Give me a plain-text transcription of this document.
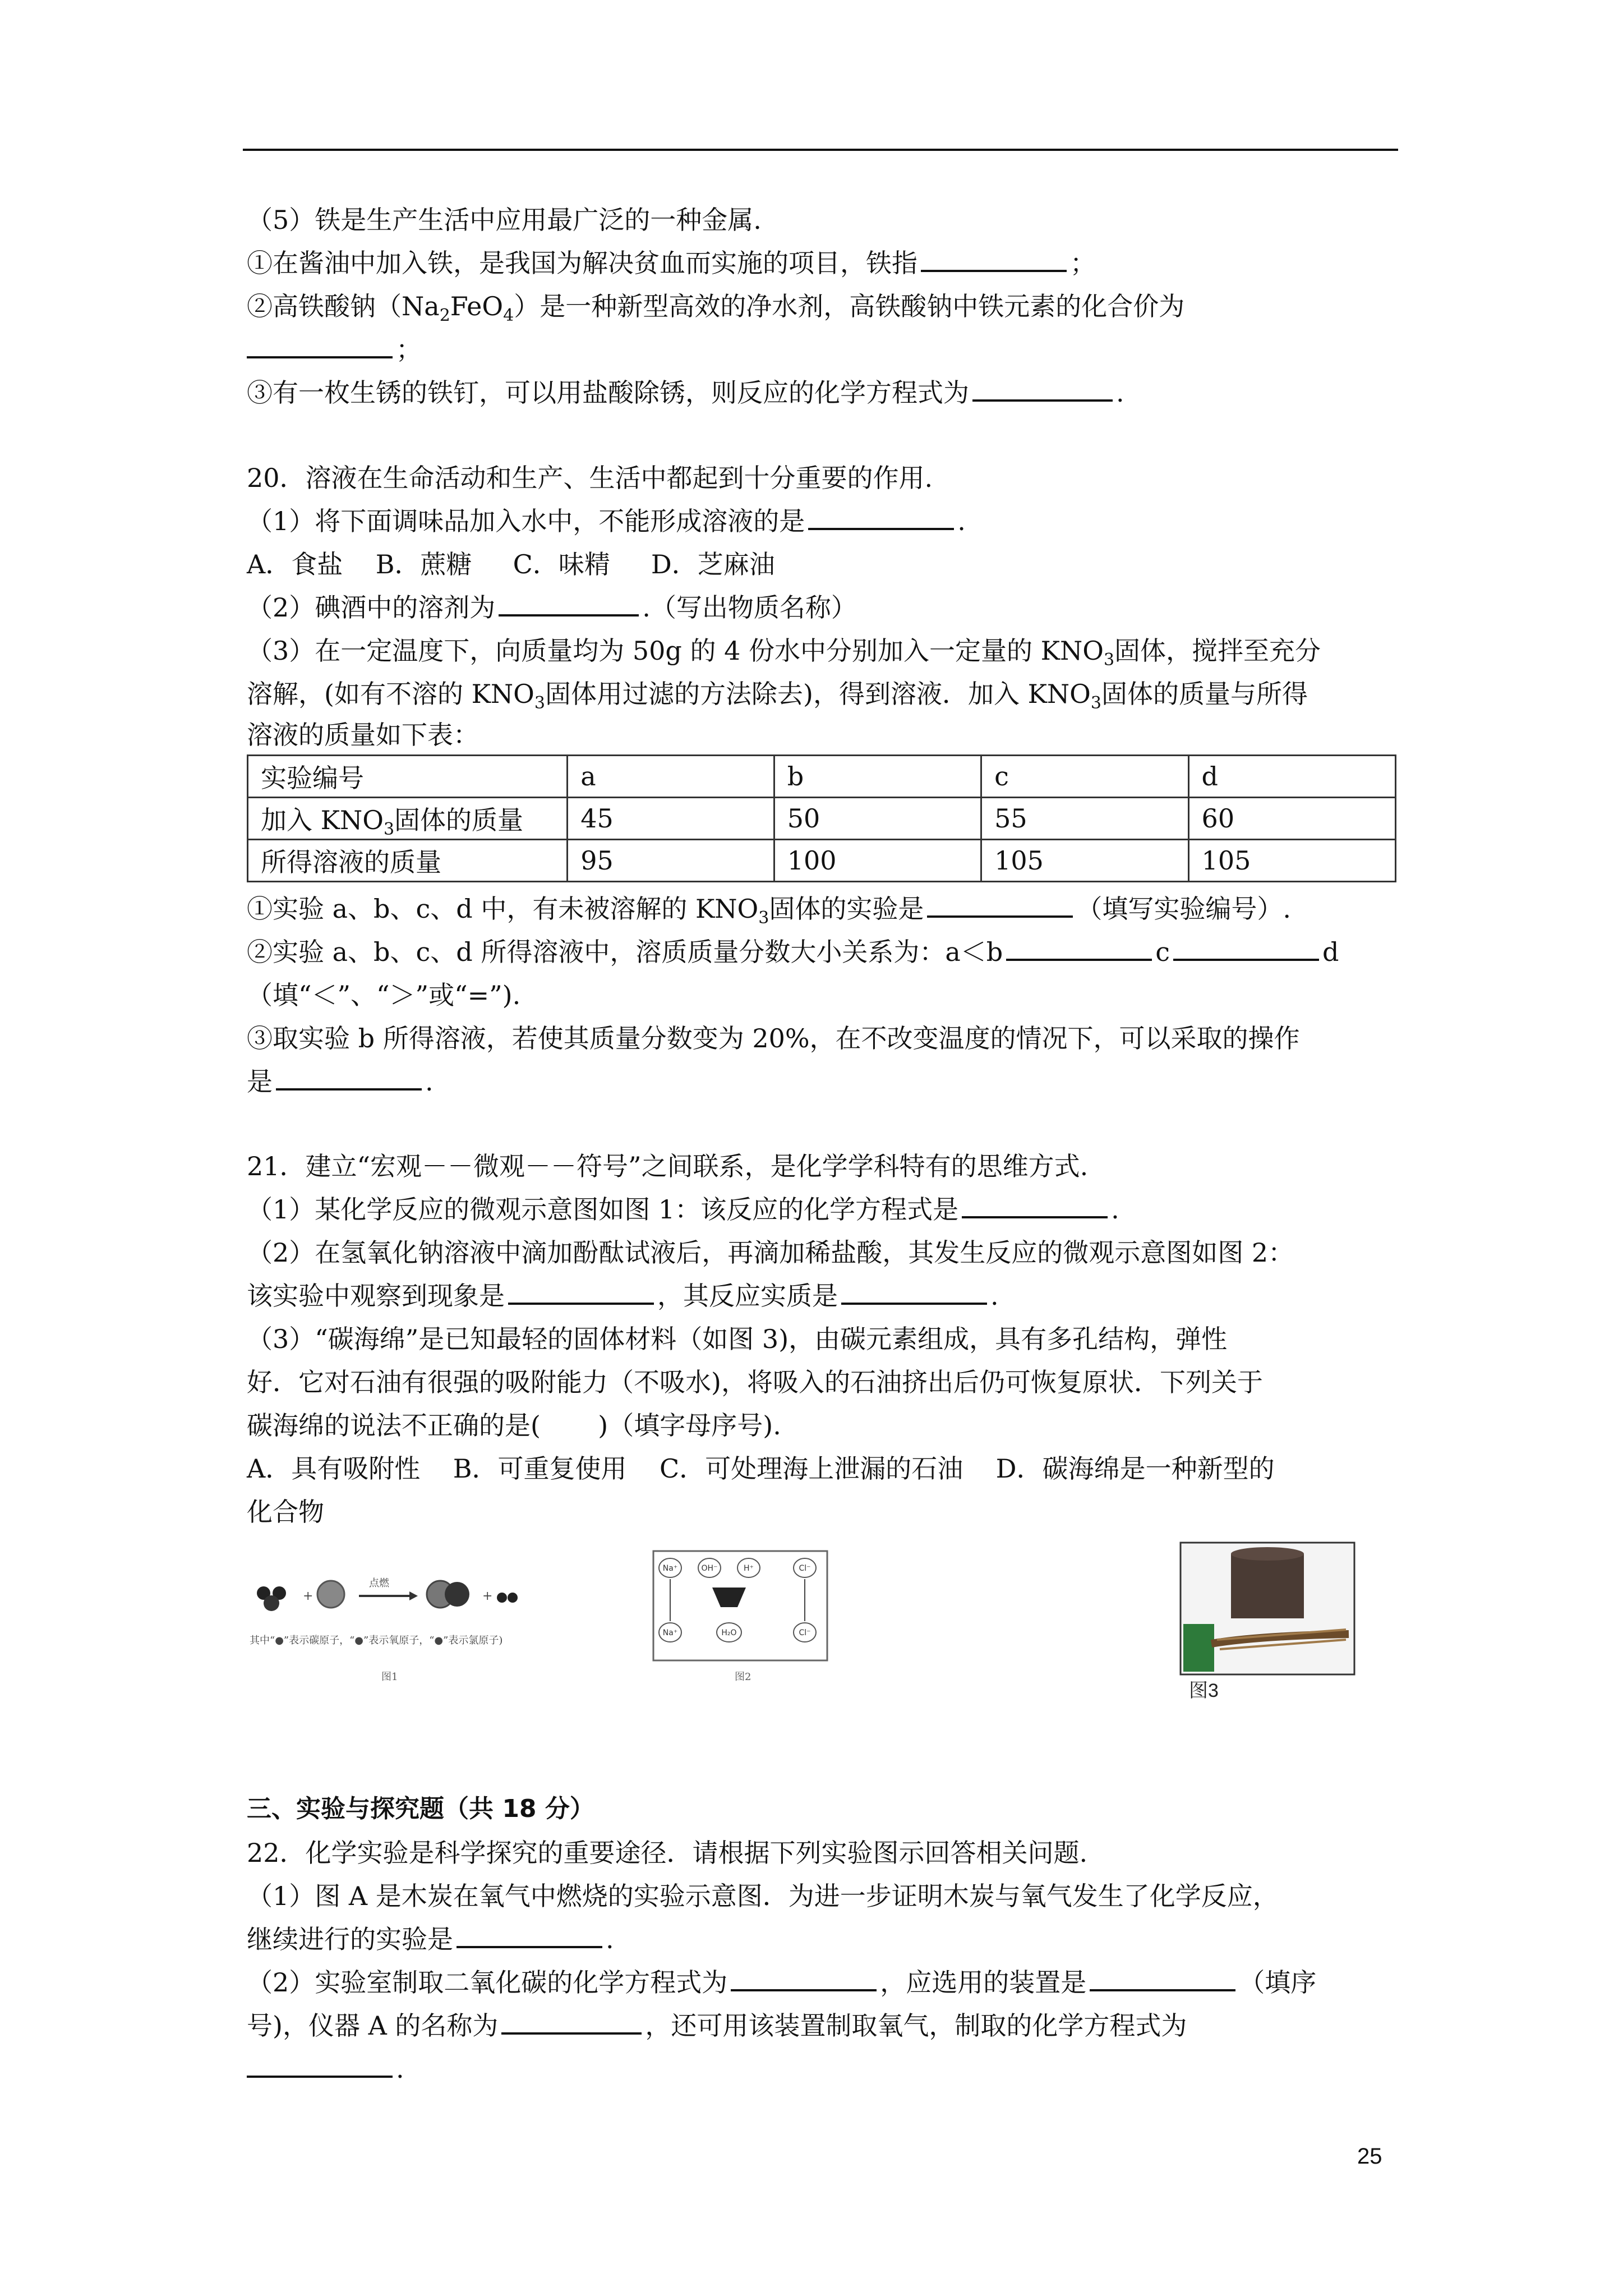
（5）铁是生产生活中应用最广泛的一种金属.
①在酱油中加入铁，是我国为解决贫血而实施的项目，铁指	；
②高铁酸钠$(Na_2FeO_4)$是一种新型高效的净水剂，高铁酸钠中铁元素的化合价为
；
③有一枚生锈的铁钉，可以用盐酸除锈，则反应的化学方程式为	.
20．溶液在生命活动和生产、生活中都起到十分重要的作用.
（1）将下面调味品加入水中，不能形成溶液的是	.
A．食盐    B．蔗糖     C．味精     D．芝麻油
（2）碘酒中的溶剂为	.（写出物质名称）
（3）在一定温度下，向质量均为 50g 的 4 份水中分别加入一定量的 $KNO_3$固体，搅拌至充分
溶解，(如有不溶的 $KNO_3$固体用过滤的方法除去)，得到溶液．加入 $KNO_3$固体的质量与所得
溶液的质量如下表：
实验编号	a	b	c	d
加入 $KNO_3$固体的质量	45	50	55	60
所得溶液的质量	95	100	105	105
①实验 a、b、c、d 中，有未被溶解的 $KNO_3$固体的实验是	（填写实验编号）.
②实验 a、b、c、d 所得溶液中，溶质质量分数大小关系为：a＜b	c	d
（填“＜”、“＞”或“=”).
③取实验 b 所得溶液，若使其质量分数变为 20%，在不改变温度的情况下，可以采取的操作
是	.
21．建立“宏观－－微观－－符号”之间联系，是化学学科特有的思维方式.
（1）某化学反应的微观示意图如图 1：该反应的化学方程式是	.
（2）在氢氧化钠溶液中滴加酚酞试液后，再滴加稀盐酸，其发生反应的微观示意图如图 2：
该实验中观察到现象是	，其反应实质是	.
（3）“碳海绵”是已知最轻的固体材料（如图 3)，由碳元素组成，具有多孔结构，弹性
好．它对石油有很强的吸附能力（不吸水)，将吸入的石油挤出后仍可恢复原状．下列关于
碳海绵的说法不正确的是(       )（填字母序号).
A．具有吸附性    B．可重复使用    C．可处理海上泄漏的石油    D．碳海绵是一种新型的
化合物
+
点燃
+
其中“●”表示碳原子，“●”表示氧原子，“●”表示氯原子)
图1
Na⁺	OH⁻	H⁺	Cl⁻
Na⁺	H₂O	Cl⁻
图2
图3
三、实验与探究题（共 18 分）
22．化学实验是科学探究的重要途径．请根据下列实验图示回答相关问题.
（1）图 A 是木炭在氧气中燃烧的实验示意图．为进一步证明木炭与氧气发生了化学反应，
继续进行的实验是	.
（2）实验室制取二氧化碳的化学方程式为	，应选用的装置是	（填序
号)，仪器 A 的名称为	，还可用该装置制取氧气，制取的化学方程式为
.
25
